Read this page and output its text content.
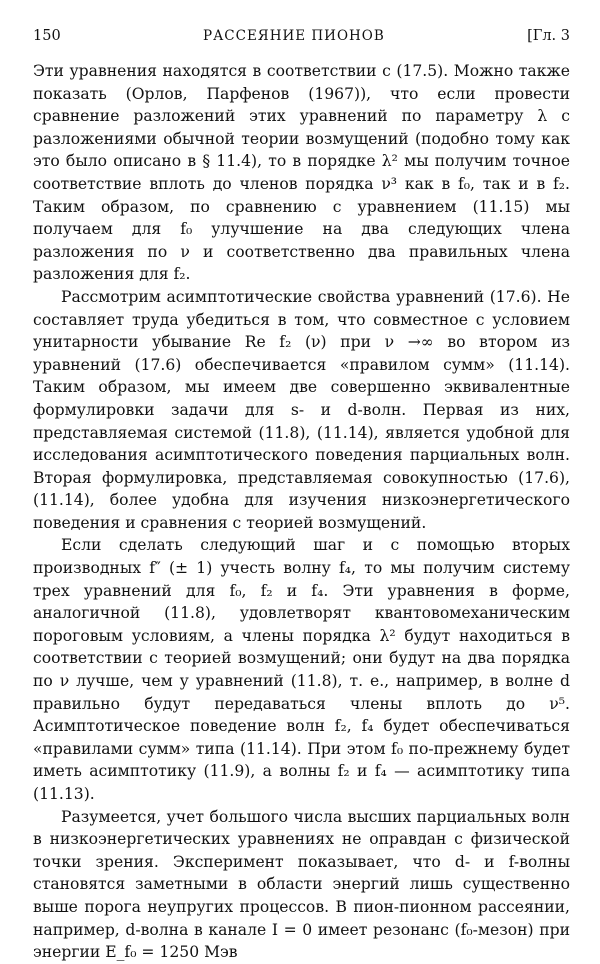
150	РАССЕЯНИЕ ПИОНОВ	[Гл. 3

Эти уравнения находятся в соответствии с (17.5). Можно также показать (Орлов, Парфенов (1967)), что если провести сравнение разложений этих уравнений по параметру λ с разложениями обычной теории возмущений (подобно тому как это было описано в § 11.4), то в порядке λ² мы получим точное соответствие вплоть до членов порядка ν³ как в f₀, так и в f₂. Таким образом, по сравнению с уравнением (11.15) мы получаем для f₀ улучшение на два следующих члена разложения по ν и соответственно два правильных члена разложения для f₂.

Рассмотрим асимптотические свойства уравнений (17.6). Не составляет труда убедиться в том, что совместное с условием унитарности убывание Re f₂ (ν) при ν →∞ во втором из уравнений (17.6) обеспечивается «правилом сумм» (11.14). Таким образом, мы имеем две совершенно эквивалентные формулировки задачи для s- и d-волн. Первая из них, представляемая системой (11.8), (11.14), является удобной для исследования асимптотического поведения парциальных волн. Вторая формулировка, представляемая совокупностью (17.6), (11.14), более удобна для изучения низкоэнергетического поведения и сравнения с теорией возмущений.

Если сделать следующий шаг и с помощью вторых производных f″ (± 1) учесть волну f₄, то мы получим систему трех уравнений для f₀, f₂ и f₄. Эти уравнения в форме, аналогичной (11.8), удовлетворят квантовомеханическим пороговым условиям, а члены порядка λ² будут находиться в соответствии с теорией возмущений; они будут на два порядка по ν лучше, чем у уравнений (11.8), т. е., например, в волне d правильно будут передаваться члены вплоть до ν⁵. Асимптотическое поведение волн f₂, f₄ будет обеспечиваться «правилами сумм» типа (11.14). При этом f₀ по-прежнему будет иметь асимптотику (11.9), а волны f₂ и f₄ — асимптотику типа (11.13).

Разумеется, учет большого числа высших парциальных волн в низкоэнергетических уравнениях не оправдан с физической точки зрения. Эксперимент показывает, что d- и f-волны становятся заметными в области энергий лишь существенно выше порога неупругих процессов. В пион-пионном рассеянии, например, d-волна в канале I = 0 имеет резонанс (f₀-мезон) при энергии E_f₀ = 1250 Мэв
